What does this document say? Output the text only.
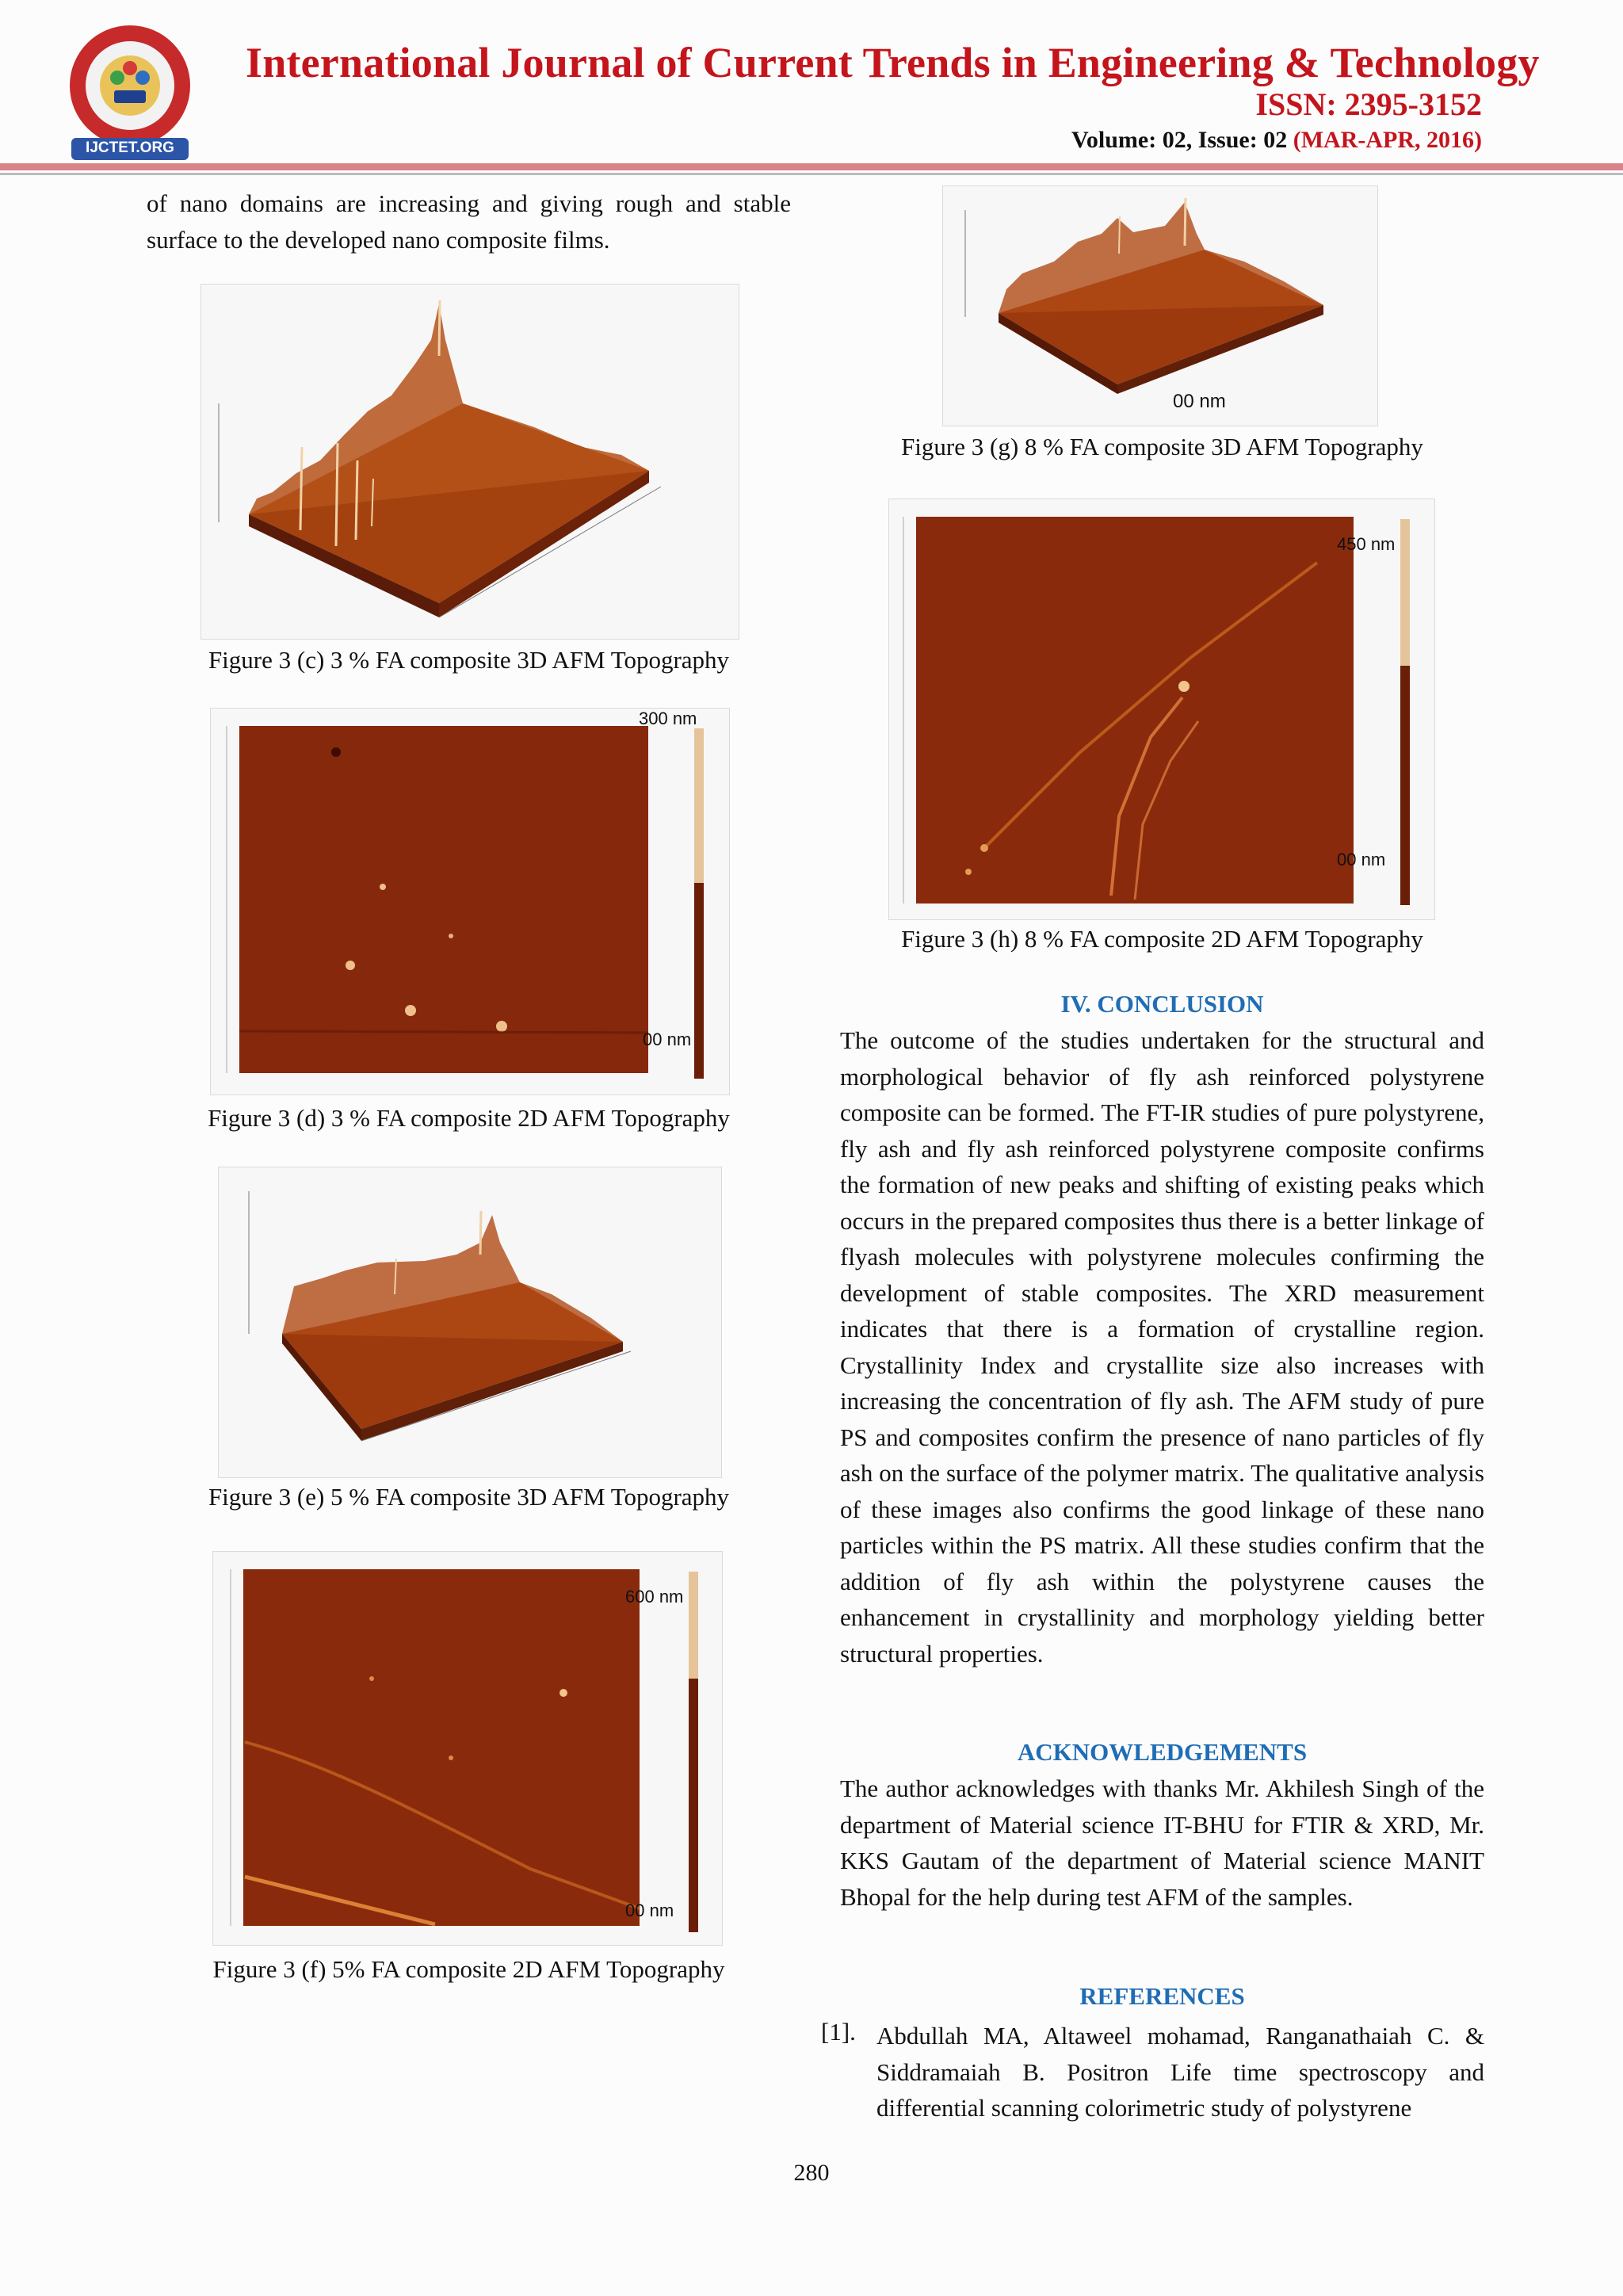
IJCTET.ORG
International Journal of Current Trends in Engineering & Technology
ISSN: 2395-3152
Volume: 02, Issue: 02 (MAR-APR, 2016)
of nano domains are increasing and giving rough and stable surface to the developed nano composite films.
Figure 3 (c) 3 % FA composite 3D AFM Topography
300 nm
00 nm
Figure 3 (d) 3 % FA composite 2D AFM Topography
Figure 3 (e) 5 % FA composite 3D AFM Topography
600 nm
00 nm
Figure 3 (f) 5% FA composite 2D AFM Topography
00 nm
Figure 3 (g) 8 % FA composite 3D AFM Topography
450 nm
00 nm
Figure 3 (h) 8 % FA composite 2D AFM Topography
IV. CONCLUSION
The outcome of the studies undertaken for the structural and morphological behavior of fly ash reinforced polystyrene composite can be formed. The FT-IR studies of pure polystyrene, fly ash and fly ash reinforced polystyrene composite confirms the formation of new peaks and shifting of existing peaks which occurs in the prepared composites thus there is a better linkage of flyash molecules with polystyrene molecules confirming the development of stable composites. The XRD measurement indicates that there is a formation of crystalline region. Crystallinity Index and crystallite size also increases with increasing the concentration of fly ash. The AFM study of pure PS and composites confirm the presence of nano particles of fly ash on the surface of the polymer matrix. The qualitative analysis of these images also confirms the good linkage of these nano particles within the PS matrix. All these studies confirm that the addition of fly ash within the polystyrene causes the enhancement in crystallinity and morphology yielding better structural properties.
ACKNOWLEDGEMENTS
The author acknowledges with thanks Mr. Akhilesh Singh of the department of Material science IT-BHU for FTIR & XRD, Mr. KKS Gautam of the department of Material science MANIT Bhopal for the help during test AFM of the samples.
REFERENCES
[1]. Abdullah MA, Altaweel mohamad, Ranganathaiah C. & Siddramaiah B. Positron Life time spectroscopy and differential scanning colorimetric study of polystyrene
280
